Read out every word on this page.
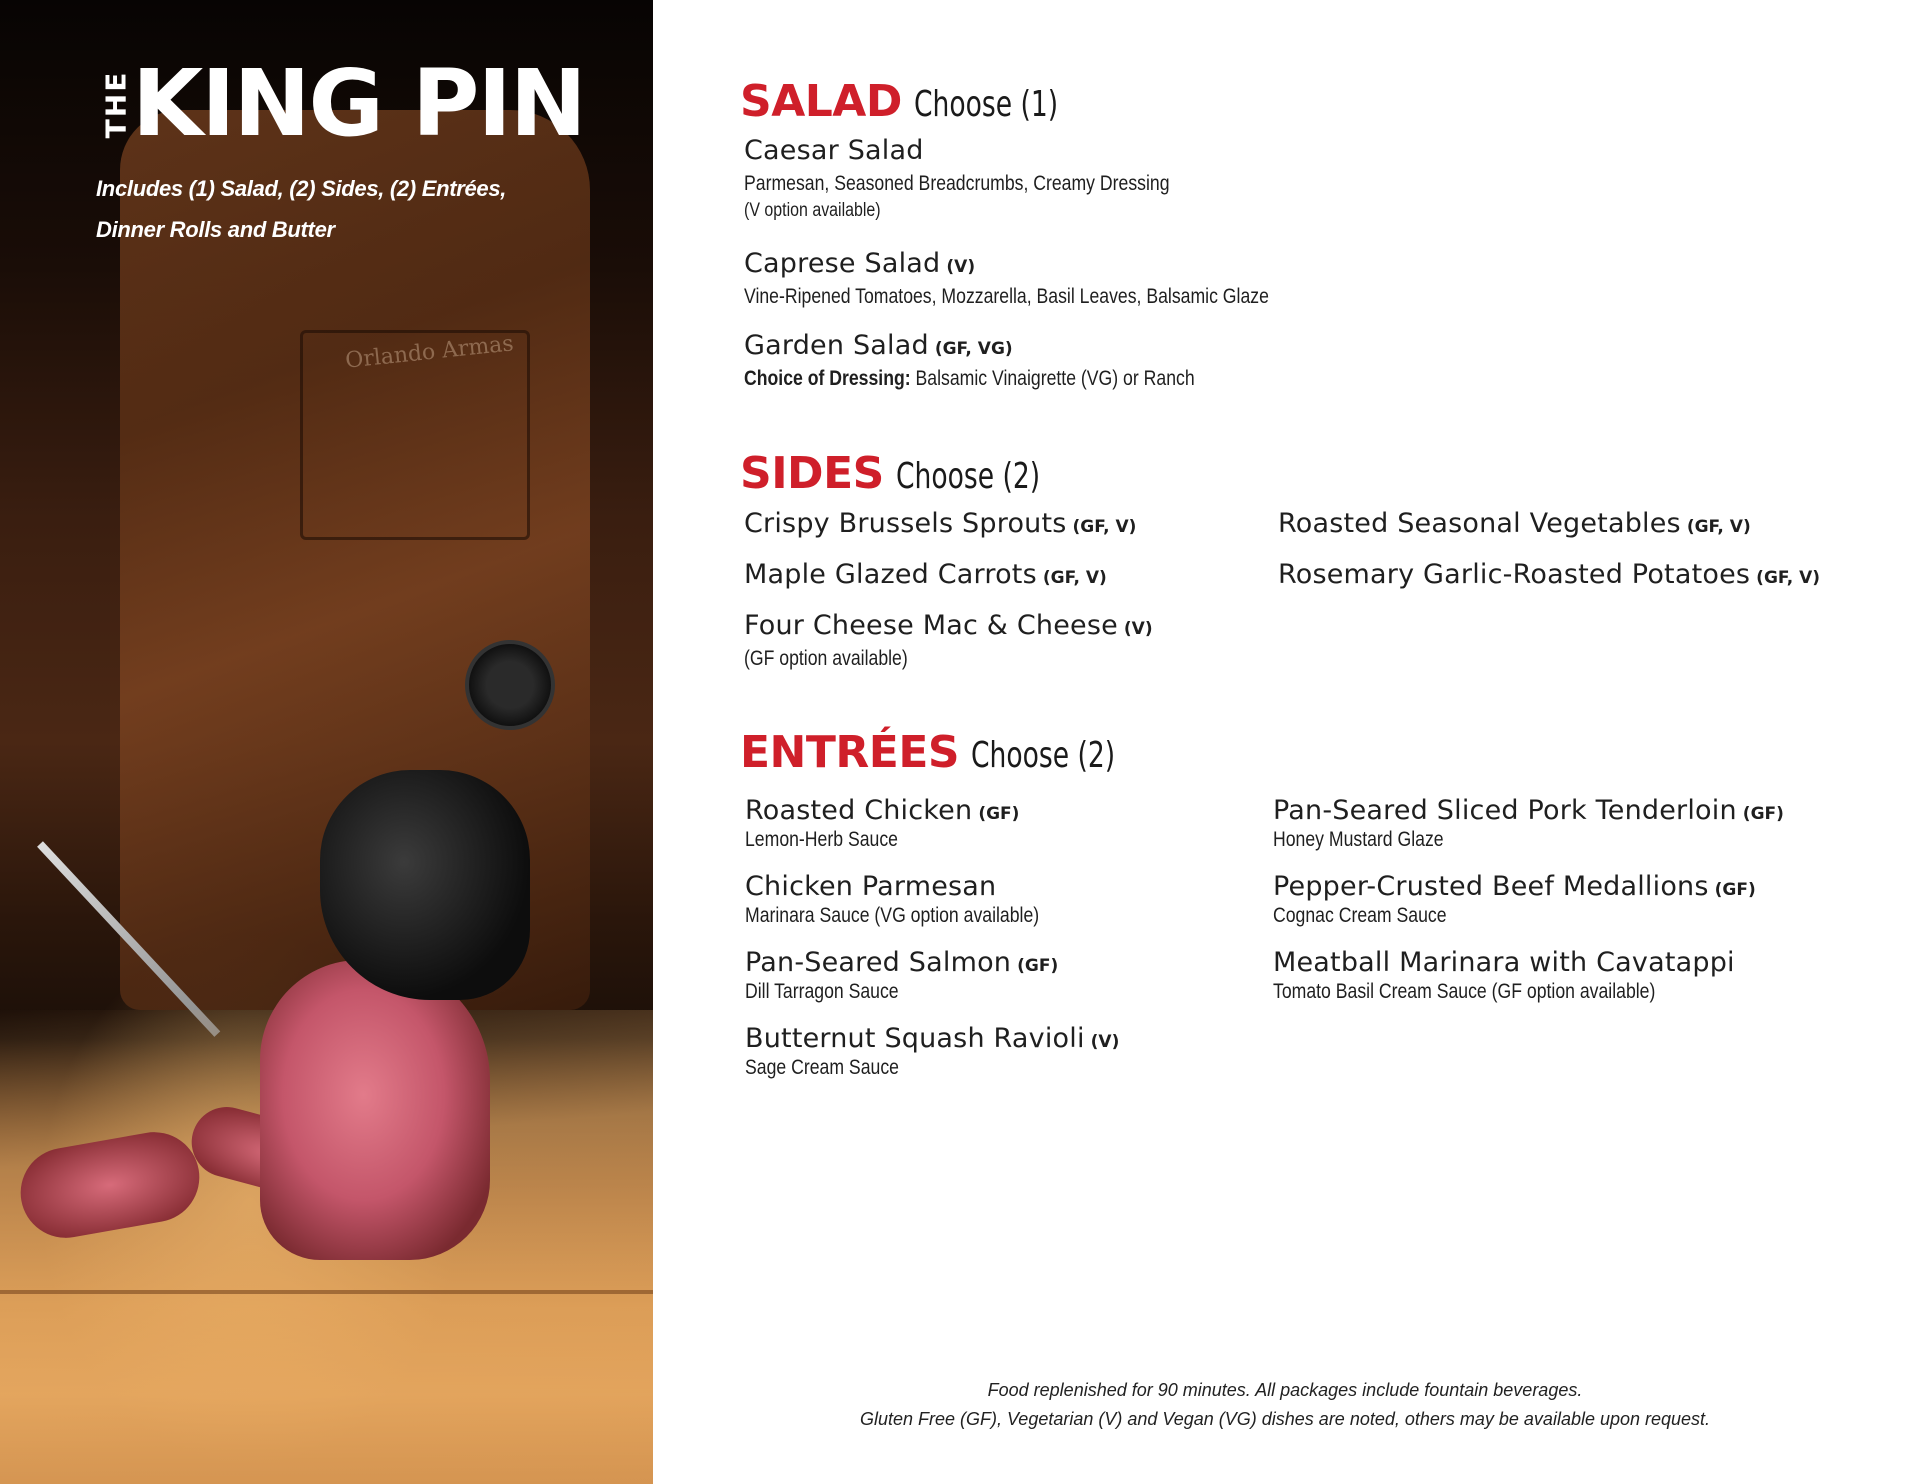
Orlando Armas
THE KING PIN
Includes (1) Salad, (2) Sides, (2) Entrées,
Dinner Rolls and Butter
SALAD Choose (1)
Caesar Salad
Parmesan, Seasoned Breadcrumbs, Creamy Dressing
(V option available)
Caprese Salad (V)
Vine-Ripened Tomatoes, Mozzarella, Basil Leaves, Balsamic Glaze
Garden Salad (GF, VG)
Choice of Dressing: Balsamic Vinaigrette (VG) or Ranch
SIDES Choose (2)
Crispy Brussels Sprouts (GF, V)	Roasted Seasonal Vegetables (GF, V)
Maple Glazed Carrots (GF, V)	Rosemary Garlic-Roasted Potatoes (GF, V)
Four Cheese Mac & Cheese (V)
(GF option available)
ENTRÉES Choose (2)
Roasted Chicken (GF)
Lemon-Herb Sauce
Pan-Seared Sliced Pork Tenderloin (GF)
Honey Mustard Glaze
Chicken Parmesan
Marinara Sauce (VG option available)
Pepper-Crusted Beef Medallions (GF)
Cognac Cream Sauce
Pan-Seared Salmon (GF)
Dill Tarragon Sauce
Meatball Marinara with Cavatappi
Tomato Basil Cream Sauce (GF option available)
Butternut Squash Ravioli (V)
Sage Cream Sauce
Food replenished for 90 minutes. All packages include fountain beverages.
Gluten Free (GF), Vegetarian (V) and Vegan (VG) dishes are noted, others may be available upon request.
